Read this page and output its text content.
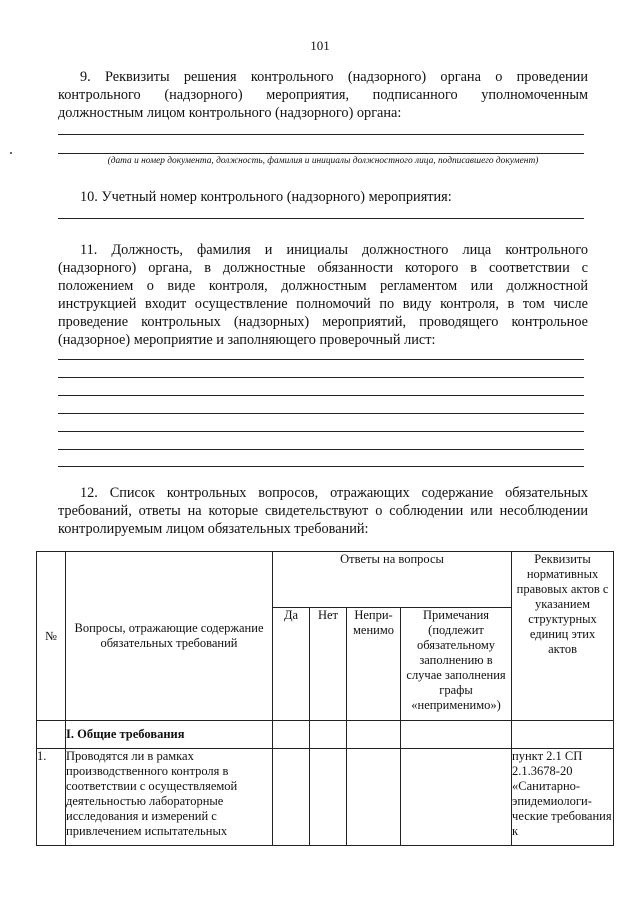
101
9. Реквизиты решения контрольного (надзорного) органа о проведении контрольного (надзорного) мероприятия, подписанного уполномоченным должностным лицом контрольного (надзорного) органа:
(дата и номер документа, должность, фамилия и инициалы должностного лица, подписавшего документ)
10. Учетный номер контрольного (надзорного) мероприятия:
11. Должность, фамилия и инициалы должностного лица контрольного (надзорного) органа, в должностные обязанности которого в соответствии с положением о виде контроля, должностным регламентом или должностной инструкцией входит осуществление полномочий по виду контроля, в том числе проведение контрольных (надзорных) мероприятий, проводящего контрольное (надзорное) мероприятие и заполняющего проверочный лист:
12. Список контрольных вопросов, отражающих содержание обязательных требований, ответы на которые свидетельствуют о соблюдении или несоблюдении контролируемым лицом обязательных требований:
№	Вопросы, отражающие содержание обязательных требований	Ответы на вопросы				Реквизиты нормативных правовых актов с указанием структурных единиц этих актов
		Да	Нет	Непри-менимо	Примечания (подлежит обязательному заполнению в случае заполнения графы «неприменимо»)	
	I. Общие требования					
1.	Проводятся ли в рамках производственного контроля в соответствии с осуществляемой деятельностью лабораторные исследования и измерений с привлечением испытательных					пункт 2.1 СП 2.1.3678-20 «Санитарно-эпидемиологи-ческие требования к
